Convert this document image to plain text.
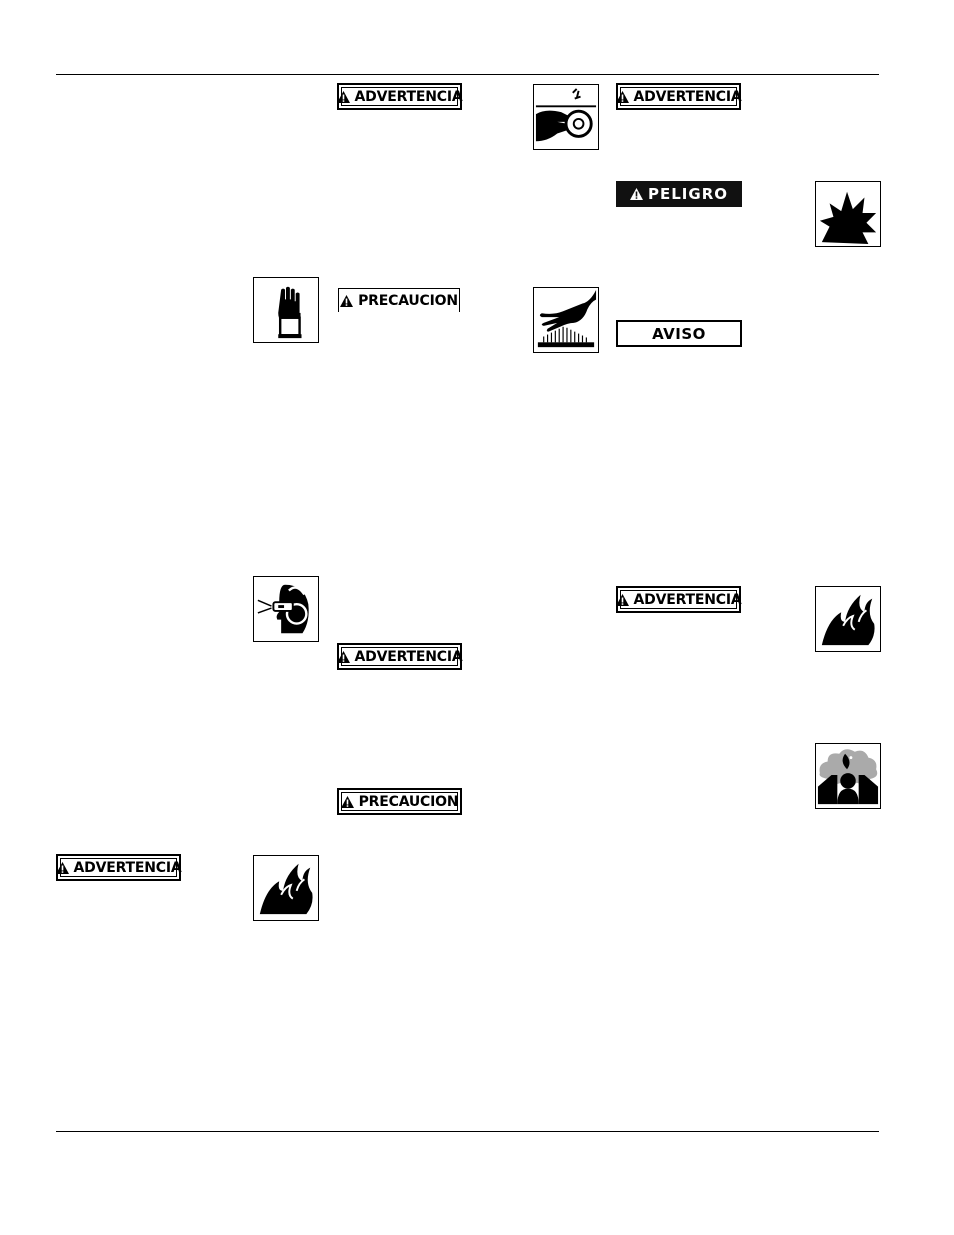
ADVERTENCIA
PRECAUCION
ADVERTENCIA
PRECAUCION
ADVERTENCIA
ADVERTENCIA
PELIGRO
AVISO
ADVERTENCIA
